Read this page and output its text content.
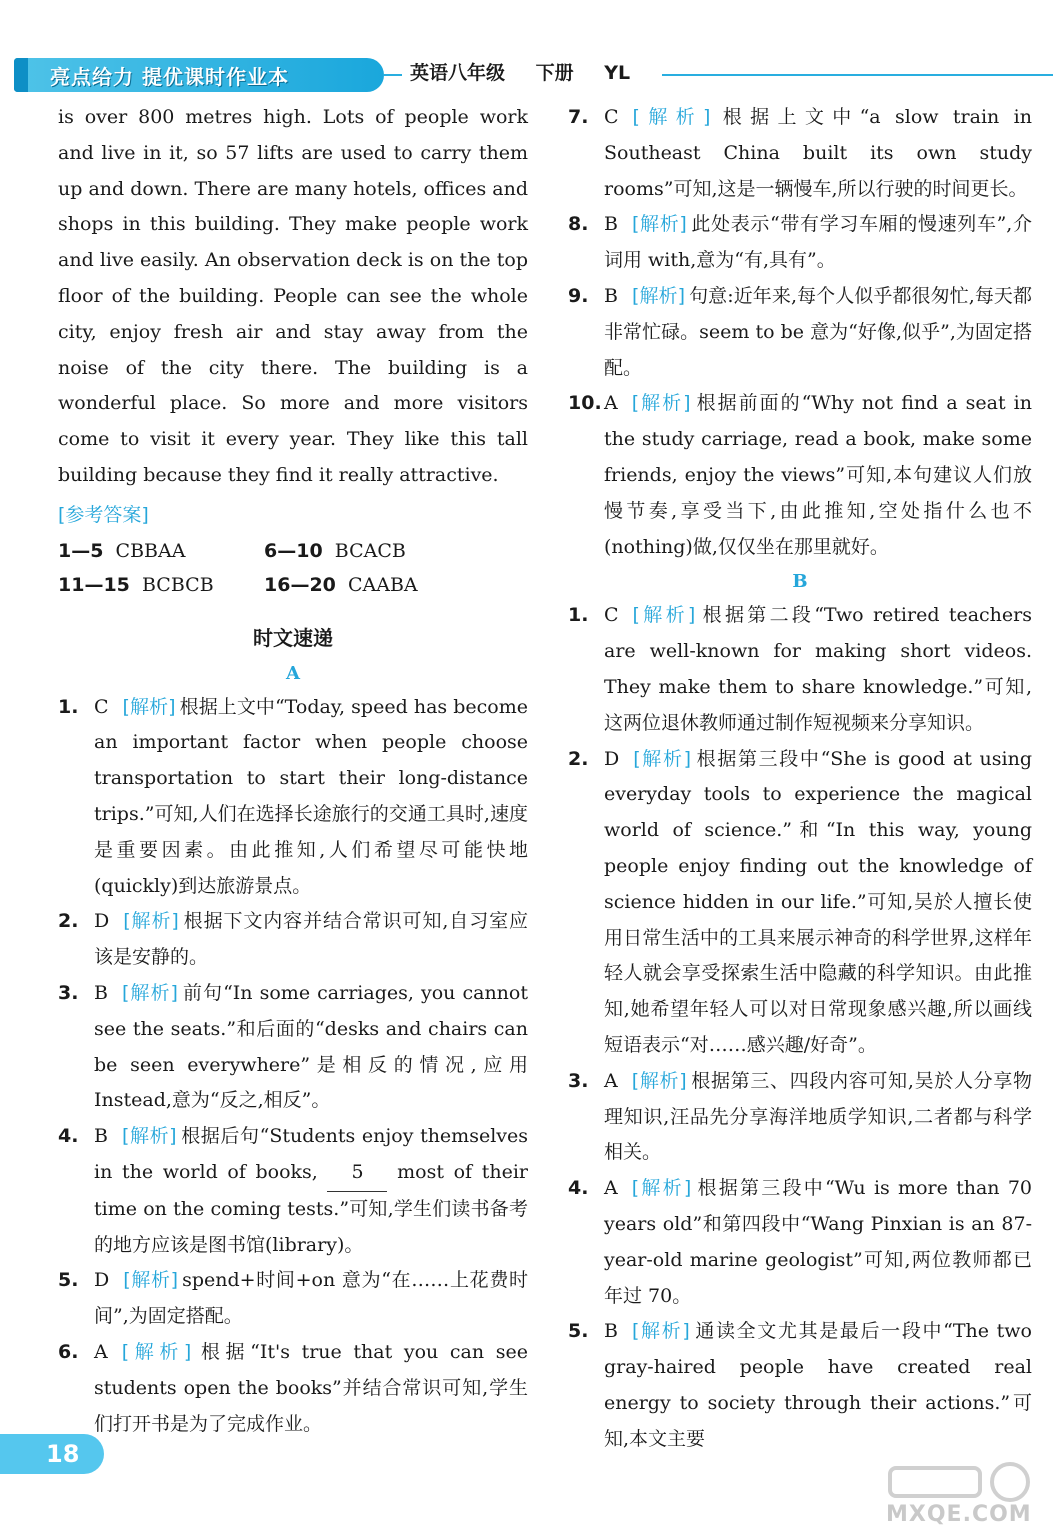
亮点给力 提优课时作业本	英语八年级 下册 YL

is over 800 metres high. Lots of people work and live in it, so 57 lifts are used to carry them up and down. There are many hotels, offices and shops in this building. They make people work and live easily. An observation deck is on the top floor of the building. People can see the whole city, enjoy fresh air and stay away from the noise of the city there. The building is a wonderful place. So more and more visitors come to visit it every year. They like this tall building because they find it really attractive.

[参考答案]
1—5 CBBAA	6—10 BCACB
11—15 BCBCB	16—20 CAABA
时文速递
A
1. C [解析] 根据上文中“Today, speed has become an important factor when people choose transportation to start their long-distance trips.”可知,人们在选择长途旅行的交通工具时,速度是重要因素。由此推知,人们希望尽可能快地(quickly)到达旅游景点。
2. D [解析] 根据下文内容并结合常识可知,自习室应该是安静的。
3. B [解析] 前句“In some carriages, you cannot see the seats.”和后面的“desks and chairs can be seen everywhere”是相反的情况,应用 Instead,意为“反之,相反”。
4. B [解析] 根据后句“Students enjoy themselves in the world of books, 5 most of their time on the coming tests.”可知,学生们读书备考的地方应该是图书馆(library)。
5. D [解析] spend+时间+on 意为“在……上花费时间”,为固定搭配。
6. A [解析] 根据“It's true that you can see students open the books”并结合常识可知,学生们打开书是为了完成作业。
7. C [解析] 根据上文中“a slow train in Southeast China built its own study rooms”可知,这是一辆慢车,所以行驶的时间更长。
8. B [解析] 此处表示“带有学习车厢的慢速列车”,介词用 with,意为“有,具有”。
9. B [解析] 句意:近年来,每个人似乎都很匆忙,每天都非常忙碌。seem to be 意为“好像,似乎”,为固定搭配。
10. A [解析] 根据前面的“Why not find a seat in the study carriage, read a book, make some friends, enjoy the views”可知,本句建议人们放慢节奏,享受当下,由此推知,空处指什么也不(nothing)做,仅仅坐在那里就好。
B
1. C [解析] 根据第二段“Two retired teachers are well-known for making short videos. They make them to share knowledge.”可知,这两位退休教师通过制作短视频来分享知识。
2. D [解析] 根据第三段中“She is good at using everyday tools to experience the magical world of science.”和“In this way, young people enjoy finding out the knowledge of science hidden in our life.”可知,吴於人擅长使用日常生活中的工具来展示神奇的科学世界,这样年轻人就会享受探索生活中隐藏的科学知识。由此推知,她希望年轻人可以对日常现象感兴趣,所以画线短语表示“对……感兴趣/好奇”。
3. A [解析] 根据第三、四段内容可知,吴於人分享物理知识,汪品先分享海洋地质学知识,二者都与科学相关。
4. A [解析] 根据第三段中“Wu is more than 70 years old”和第四段中“Wang Pinxian is an 87-year-old marine geologist”可知,两位教师都已年过 70。
5. B [解析] 通读全文尤其是最后一段中“The two gray-haired people have created real energy to society through their actions.”可知,本文主要
18
MXQE.COM
